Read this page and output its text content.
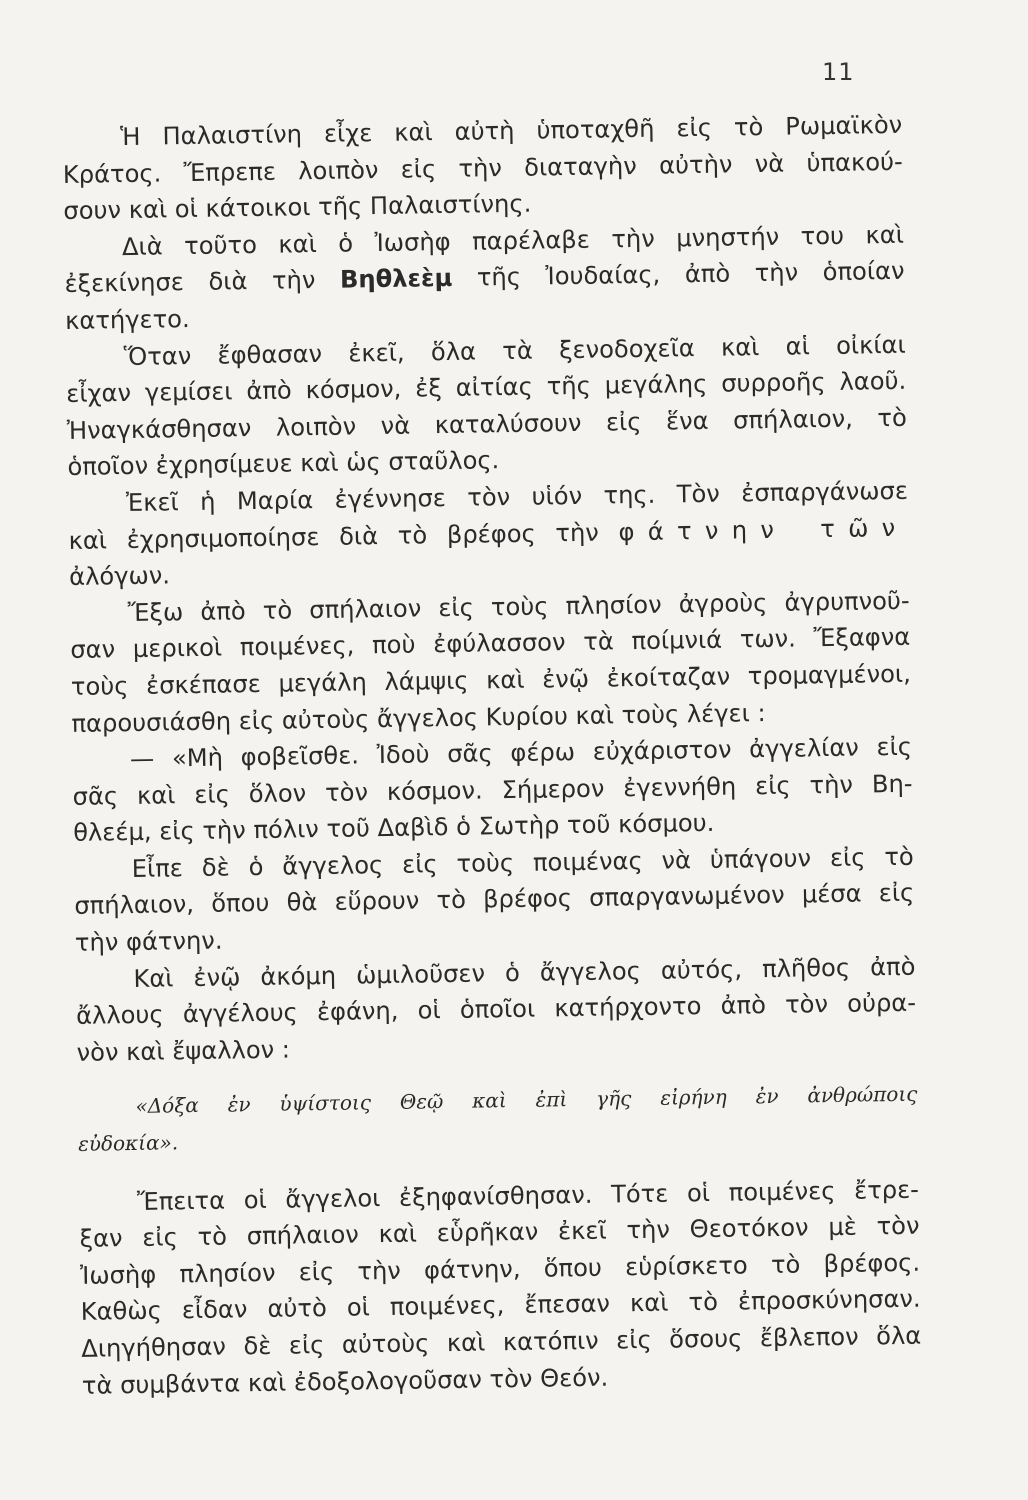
11
Ἡ Παλαιστίνη εἶχε καὶ αὐτὴ ὑποταχθῆ εἰς τὸ Ρωμαϊκὸν
Κράτος. Ἔπρεπε λοιπὸν εἰς τὴν διαταγὴν αὐτὴν νὰ ὑπακού-
σουν καὶ οἱ κάτοικοι τῆς Παλαιστίνης.
Διὰ τοῦτο καὶ ὁ Ἰωσὴφ παρέλαβε τὴν μνηστήν του καὶ
ἐξεκίνησε διὰ τὴν Βηθλεὲμ τῆς Ἰουδαίας, ἀπὸ τὴν ὁποίαν
κατήγετο.
Ὅταν ἔφθασαν ἐκεῖ, ὅλα τὰ ξενοδοχεῖα καὶ αἱ οἰκίαι
εἶχαν γεμίσει ἀπὸ κόσμον, ἐξ αἰτίας τῆς μεγάλης συρροῆς λαοῦ.
Ἠναγκάσθησαν λοιπὸν νὰ καταλύσουν εἰς ἕνα σπήλαιον, τὸ
ὁποῖον ἐχρησίμευε καὶ ὡς σταῦλος.
Ἐκεῖ ἡ Μαρία ἐγέννησε τὸν υἱόν της. Τὸν ἐσπαργάνωσε
καὶ ἐχρησιμοποίησε διὰ τὸ βρέφος τὴν φάτνην τῶν
ἀλόγων.
Ἔξω ἀπὸ τὸ σπήλαιον εἰς τοὺς πλησίον ἀγροὺς ἀγρυπνοῦ-
σαν μερικοὶ ποιμένες, ποὺ ἐφύλασσον τὰ ποίμνιά των. Ἔξαφνα
τοὺς ἐσκέπασε μεγάλη λάμψις καὶ ἐνῷ ἐκοίταζαν τρομαγμένοι,
παρουσιάσθη εἰς αὐτοὺς ἄγγελος Κυρίου καὶ τοὺς λέγει :
— «Μὴ φοβεῖσθε. Ἰδοὺ σᾶς φέρω εὐχάριστον ἀγγελίαν εἰς
σᾶς καὶ εἰς ὅλον τὸν κόσμον. Σήμερον ἐγεννήθη εἰς τὴν Βη-
θλεέμ, εἰς τὴν πόλιν τοῦ Δαβὶδ ὁ Σωτὴρ τοῦ κόσμου.
Εἶπε δὲ ὁ ἄγγελος εἰς τοὺς ποιμένας νὰ ὑπάγουν εἰς τὸ
σπήλαιον, ὅπου θὰ εὕρουν τὸ βρέφος σπαργανωμένον μέσα εἰς
τὴν φάτνην.
Καὶ ἐνῷ ἀκόμη ὡμιλοῦσεν ὁ ἄγγελος αὐτός, πλῆθος ἀπὸ
ἄλλους ἀγγέλους ἐφάνη, οἱ ὁποῖοι κατήρχοντο ἀπὸ τὸν οὐρα-
νὸν καὶ ἔψαλλον :
«Δόξα ἐν ὑψίστοις Θεῷ καὶ ἐπὶ γῆς εἰρήνη ἐν ἀνθρώποις
εὐδοκία».
Ἔπειτα οἱ ἄγγελοι ἐξηφανίσθησαν. Τότε οἱ ποιμένες ἔτρε-
ξαν εἰς τὸ σπήλαιον καὶ εὗρῆκαν ἐκεῖ τὴν Θεοτόκον μὲ τὸν
Ἰωσὴφ πλησίον εἰς τὴν φάτνην, ὅπου εὑρίσκετο τὸ βρέφος.
Καθὼς εἶδαν αὐτὸ οἱ ποιμένες, ἔπεσαν καὶ τὸ ἐπροσκύνησαν.
Διηγήθησαν δὲ εἰς αὐτοὺς καὶ κατόπιν εἰς ὅσους ἔβλεπον ὅλα
τὰ συμβάντα καὶ ἐδοξολογοῦσαν τὸν Θεόν.
